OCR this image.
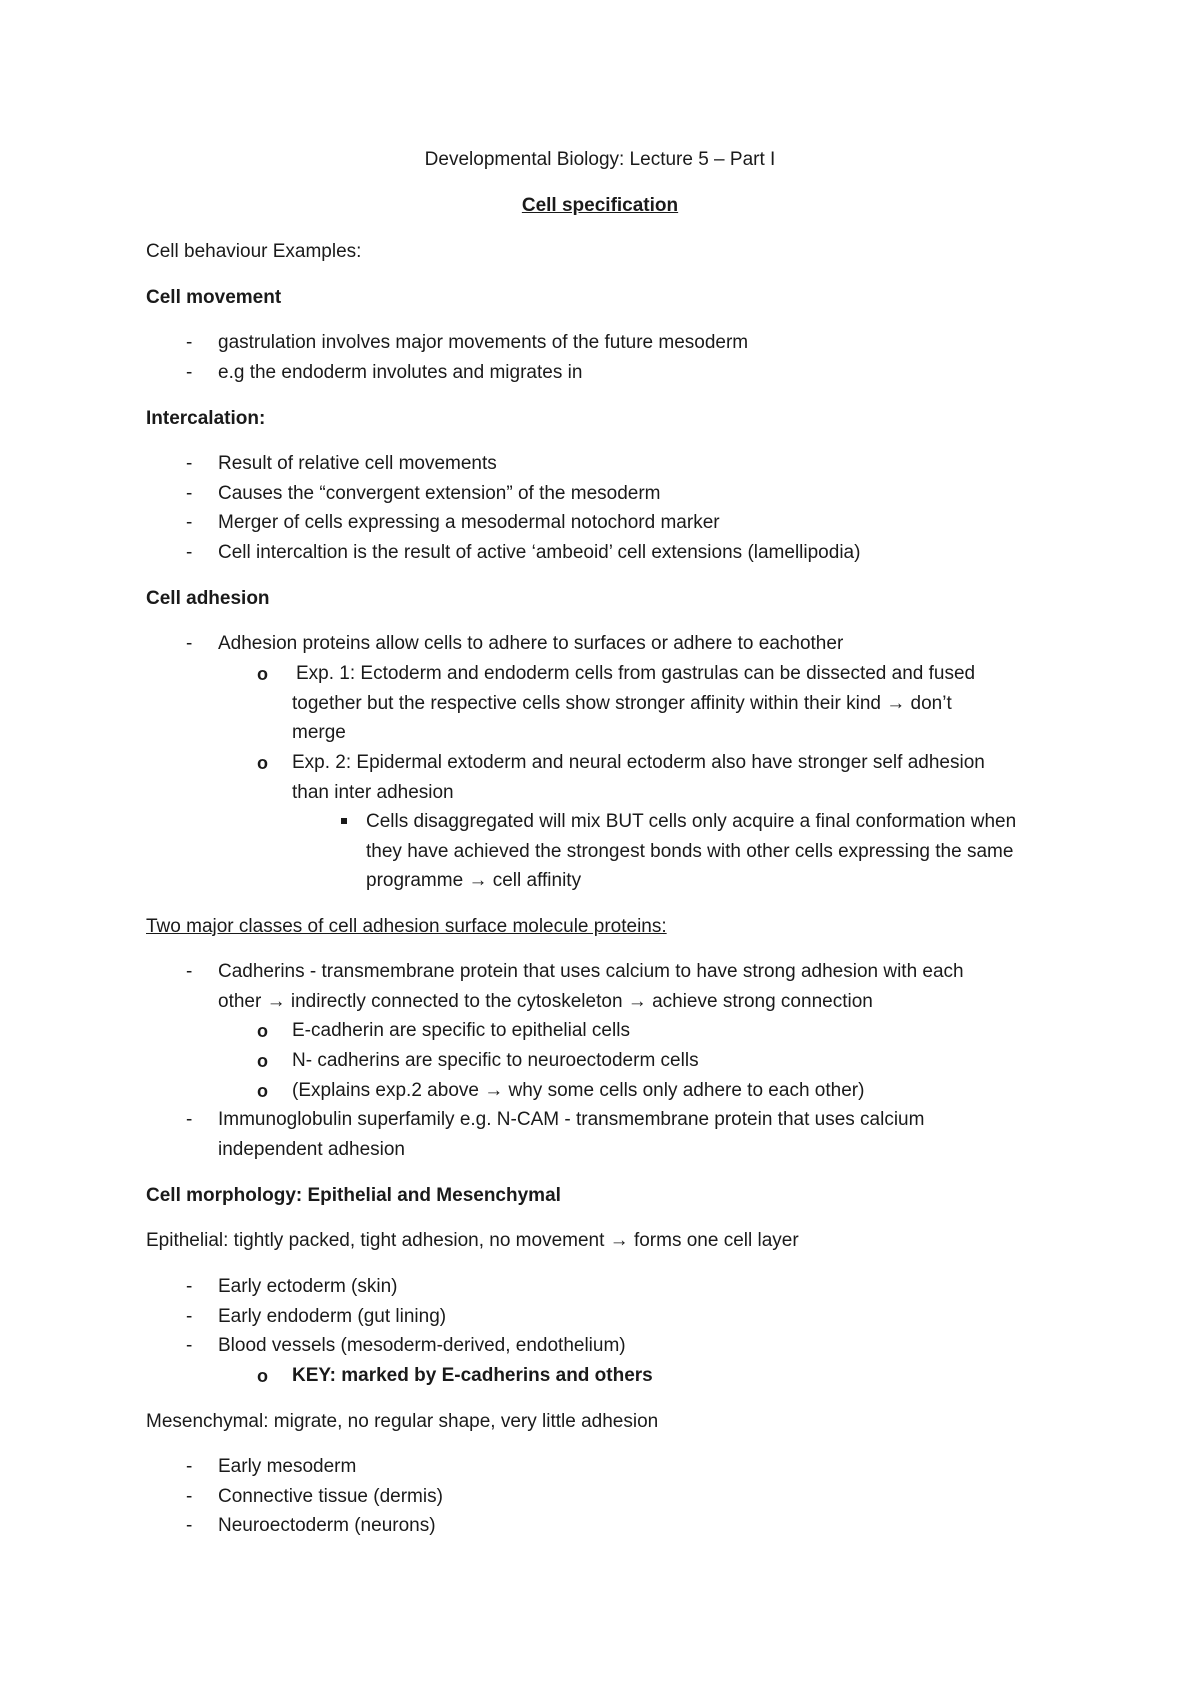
Developmental Biology: Lecture 5 – Part I
Cell specification
Cell behaviour Examples:
Cell movement
- gastrulation involves major movements of the future mesoderm
- e.g the endoderm involutes and migrates in
Intercalation:
- Result of relative cell movements
- Causes the “convergent extension” of the mesoderm
- Merger of cells expressing a mesodermal notochord marker
- Cell intercaltion is the result of active ‘ambeoid’ cell extensions (lamellipodia)
Cell adhesion
- Adhesion proteins allow cells to adhere to surfaces or adhere to eachother
o Exp. 1: Ectoderm and endoderm cells from gastrulas can be dissected and fused
together but the respective cells show stronger affinity within their kind → don’t
merge
o Exp. 2: Epidermal extoderm and neural ectoderm also have stronger self adhesion
than inter adhesion
Cells disaggregated will mix BUT cells only acquire a final conformation when
they have achieved the strongest bonds with other cells expressing the same
programme → cell affinity
Two major classes of cell adhesion surface molecule proteins:
- Cadherins - transmembrane protein that uses calcium to have strong adhesion with each
other → indirectly connected to the cytoskeleton → achieve strong connection
o E-cadherin are specific to epithelial cells
o N- cadherins are specific to neuroectoderm cells
o (Explains exp.2 above → why some cells only adhere to each other)
- Immunoglobulin superfamily e.g. N-CAM - transmembrane protein that uses calcium
independent adhesion
Cell morphology: Epithelial and Mesenchymal
Epithelial: tightly packed, tight adhesion, no movement → forms one cell layer
- Early ectoderm (skin)
- Early endoderm (gut lining)
- Blood vessels (mesoderm-derived, endothelium)
o KEY: marked by E-cadherins and others
Mesenchymal: migrate, no regular shape, very little adhesion
- Early mesoderm
- Connective tissue (dermis)
- Neuroectoderm (neurons)
